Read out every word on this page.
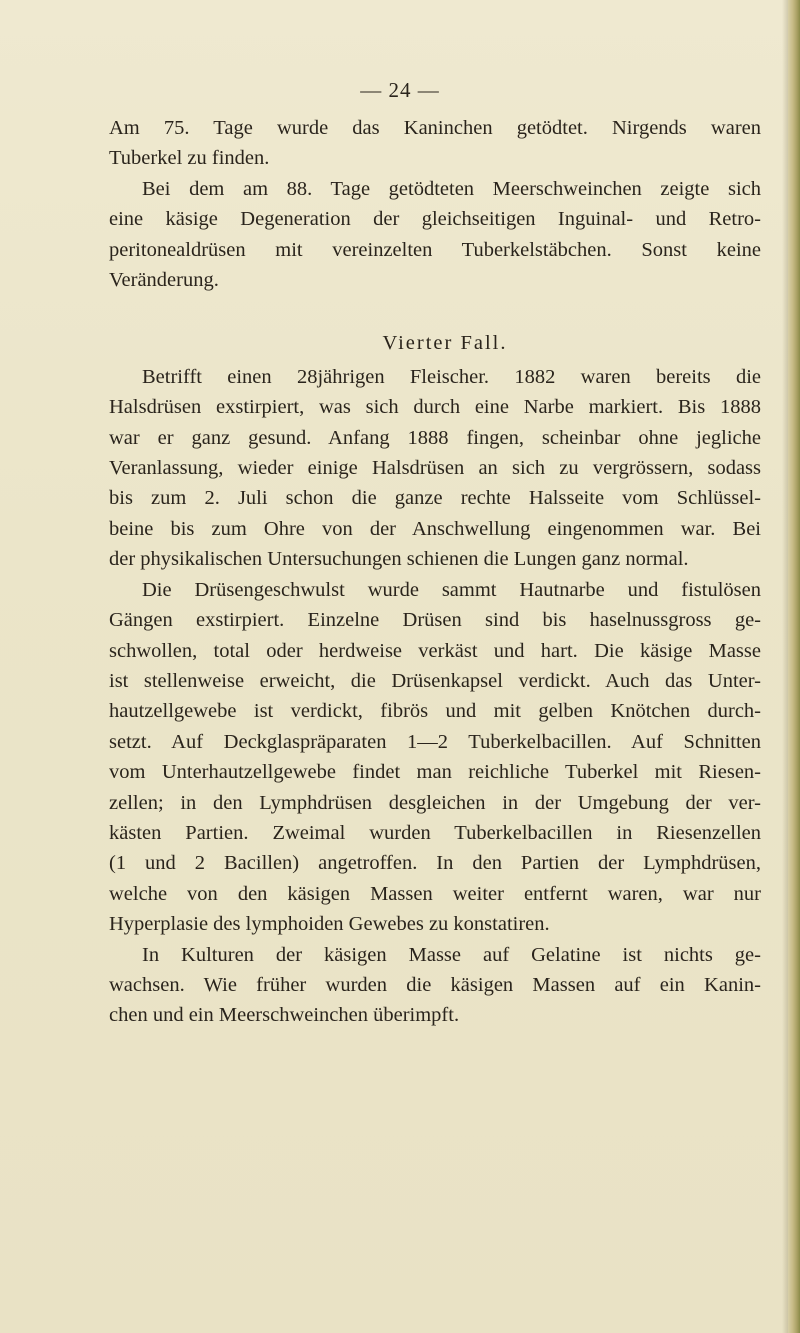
— 24 —
Am 75. Tage wurde das Kaninchen getödtet. Nirgends waren
Tuberkel zu finden.
Bei dem am 88. Tage getödteten Meerschweinchen zeigte sich
eine käsige Degeneration der gleichseitigen Inguinal- und Retro-
peritonealdrüsen mit vereinzelten Tuberkelstäbchen. Sonst keine
Veränderung.
Vierter Fall.
Betrifft einen 28jährigen Fleischer. 1882 waren bereits die
Halsdrüsen exstirpiert, was sich durch eine Narbe markiert. Bis 1888
war er ganz gesund. Anfang 1888 fingen, scheinbar ohne jegliche
Veranlassung, wieder einige Halsdrüsen an sich zu vergrössern, sodass
bis zum 2. Juli schon die ganze rechte Halsseite vom Schlüssel-
beine bis zum Ohre von der Anschwellung eingenommen war. Bei
der physikalischen Untersuchungen schienen die Lungen ganz normal.
Die Drüsengeschwulst wurde sammt Hautnarbe und fistulösen
Gängen exstirpiert. Einzelne Drüsen sind bis haselnussgross ge-
schwollen, total oder herdweise verkäst und hart. Die käsige Masse
ist stellenweise erweicht, die Drüsenkapsel verdickt. Auch das Unter-
hautzellgewebe ist verdickt, fibrös und mit gelben Knötchen durch-
setzt. Auf Deckglaspräparaten 1—2 Tuberkelbacillen. Auf Schnitten
vom Unterhautzellgewebe findet man reichliche Tuberkel mit Riesen-
zellen; in den Lymphdrüsen desgleichen in der Umgebung der ver-
kästen Partien. Zweimal wurden Tuberkelbacillen in Riesenzellen
(1 und 2 Bacillen) angetroffen. In den Partien der Lymphdrüsen,
welche von den käsigen Massen weiter entfernt waren, war nur
Hyperplasie des lymphoiden Gewebes zu konstatiren.
In Kulturen der käsigen Masse auf Gelatine ist nichts ge-
wachsen. Wie früher wurden die käsigen Massen auf ein Kanin-
chen und ein Meerschweinchen überimpft.
